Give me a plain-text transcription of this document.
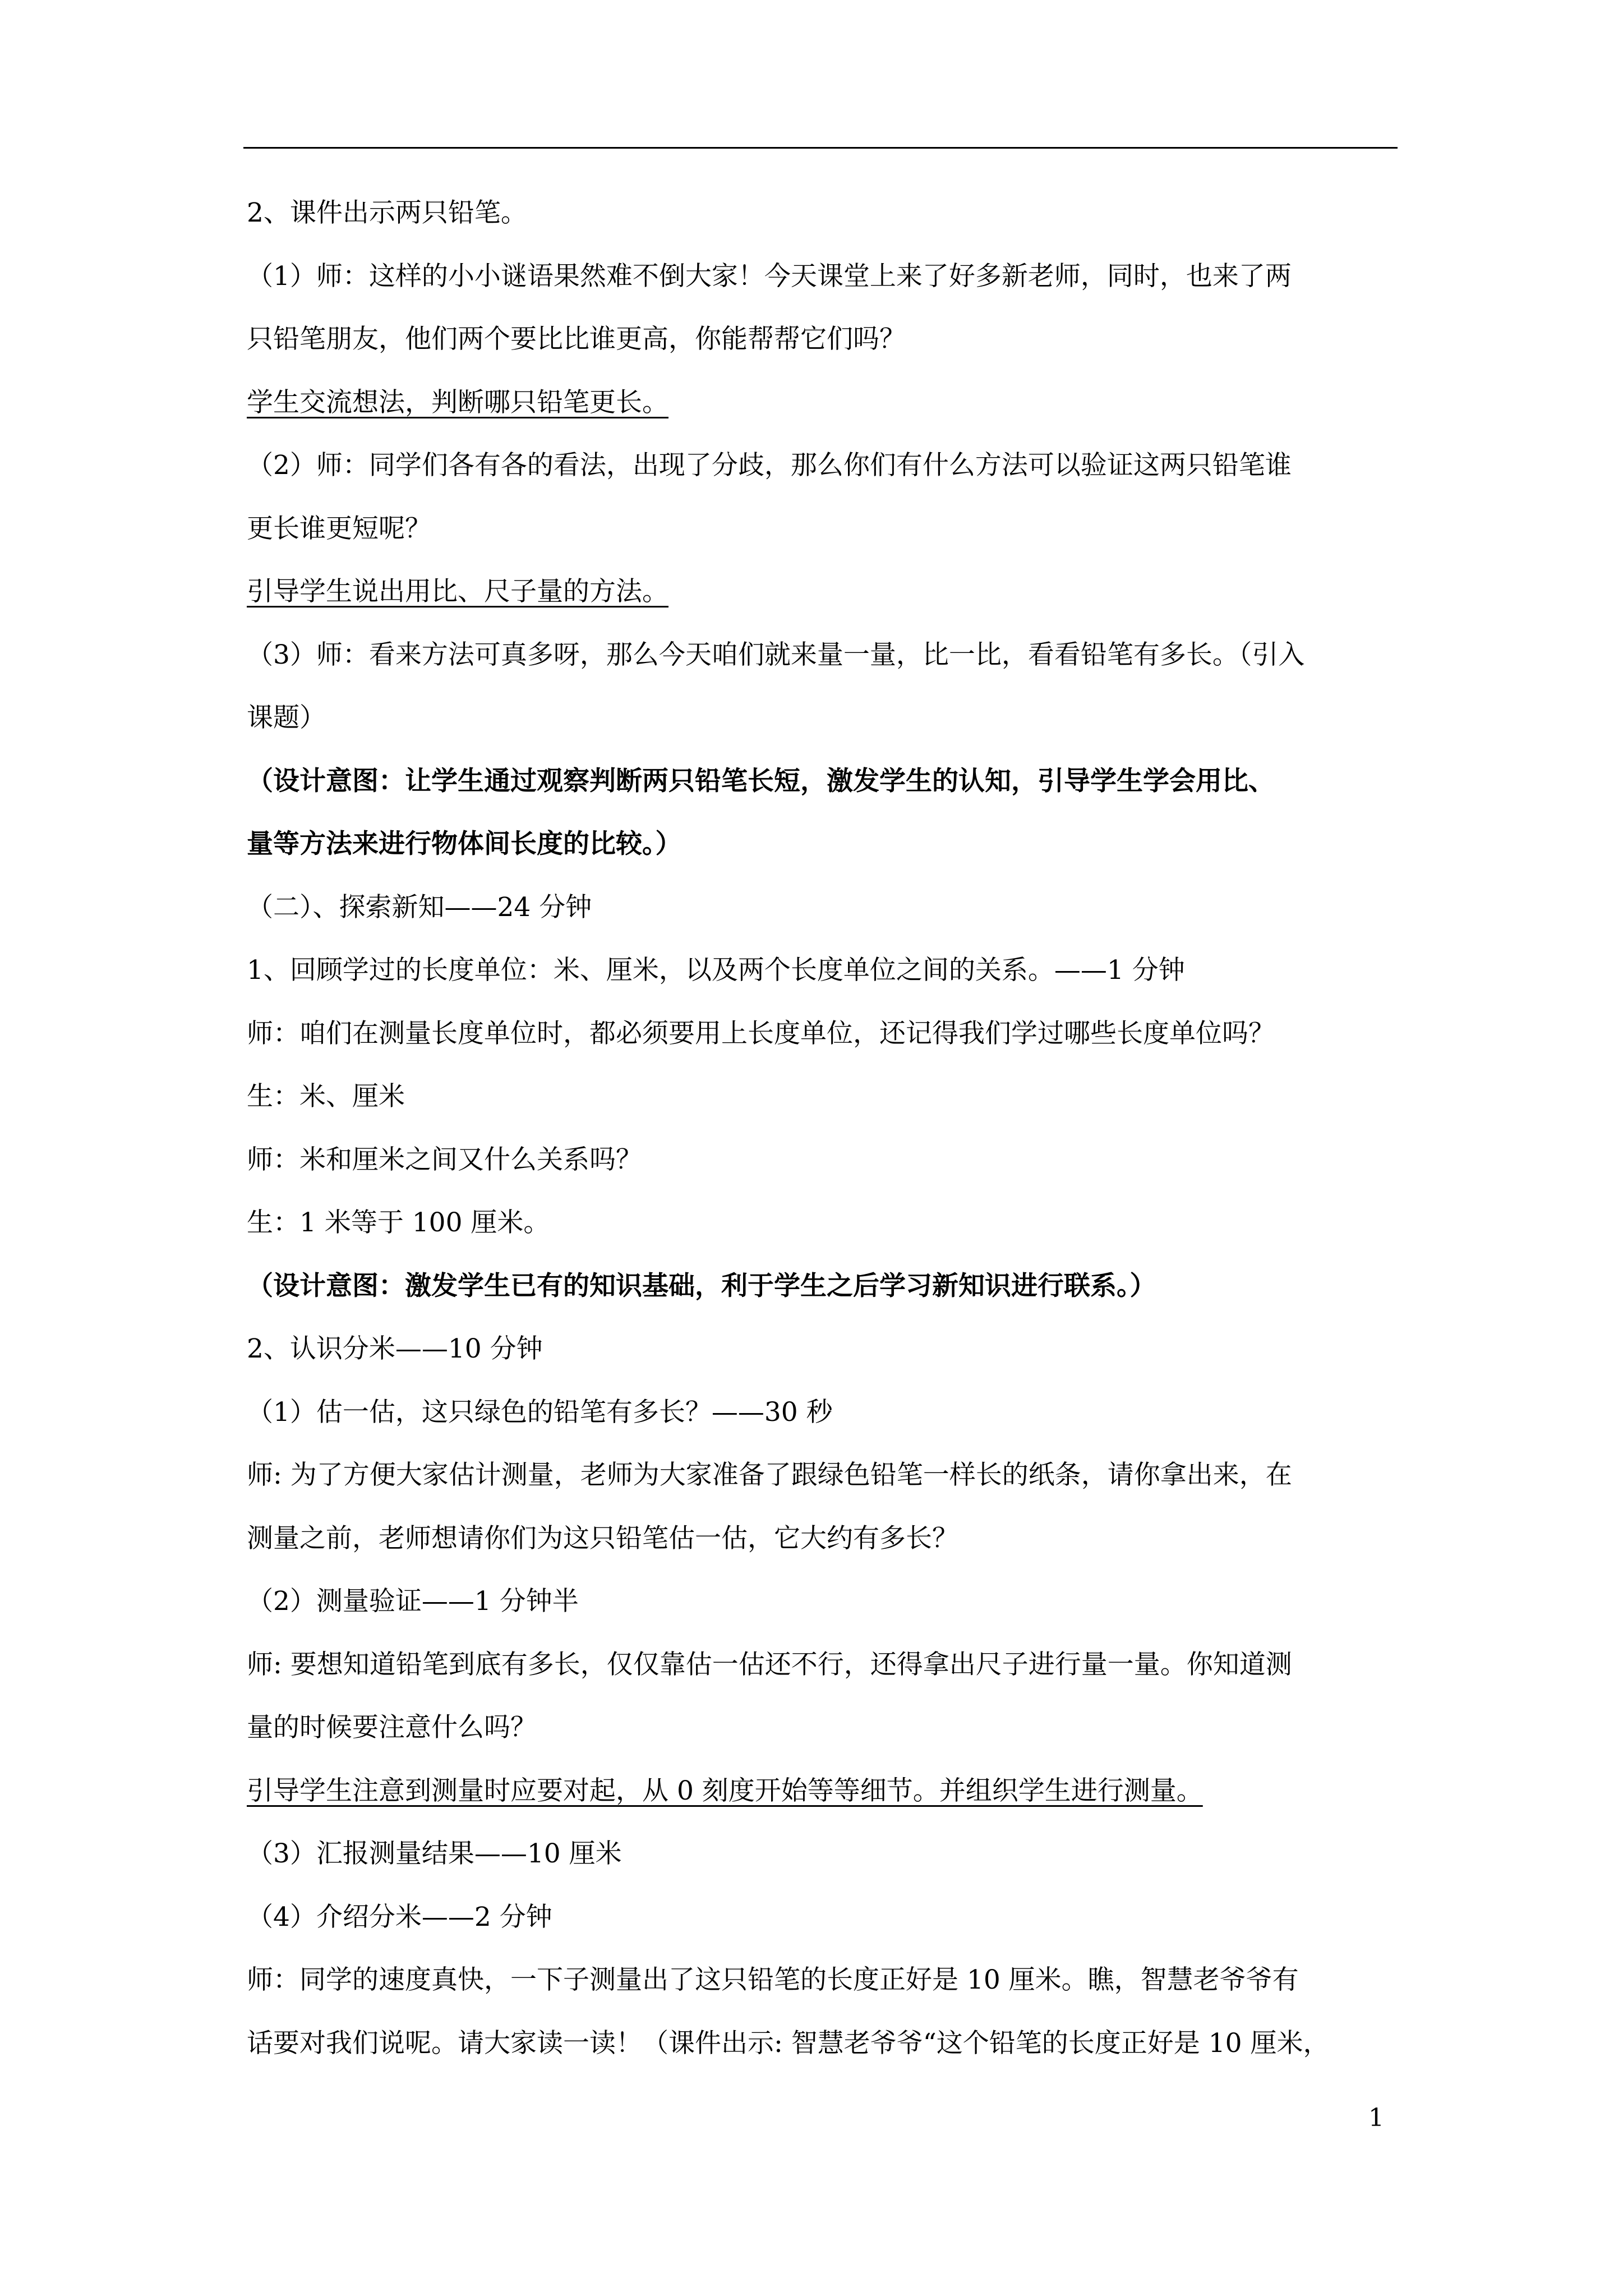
2、课件出示两只铅笔。
（1）师：这样的小小谜语果然难不倒大家！今天课堂上来了好多新老师，同时，也来了两
只铅笔朋友，他们两个要比比谁更高，你能帮帮它们吗？
学生交流想法，判断哪只铅笔更长。
（2）师：同学们各有各的看法，出现了分歧，那么你们有什么方法可以验证这两只铅笔谁
更长谁更短呢？
引导学生说出用比、尺子量的方法。
（3）师：看来方法可真多呀，那么今天咱们就来量一量，比一比，看看铅笔有多长。（引入
课题）
（设计意图：让学生通过观察判断两只铅笔长短，激发学生的认知，引导学生学会用比、
量等方法来进行物体间长度的比较。）
（二）、探索新知——24 分钟
1、回顾学过的长度单位：米、厘米，以及两个长度单位之间的关系。——1 分钟
师：咱们在测量长度单位时，都必须要用上长度单位，还记得我们学过哪些长度单位吗？
生：米、厘米
师：米和厘米之间又什么关系吗？
生：1 米等于 100 厘米。
（设计意图：激发学生已有的知识基础，利于学生之后学习新知识进行联系。）
2、认识分米——10 分钟
（1）估一估，这只绿色的铅笔有多长？——30 秒
师: 为了方便大家估计测量，老师为大家准备了跟绿色铅笔一样长的纸条，请你拿出来，在
测量之前，老师想请你们为这只铅笔估一估，它大约有多长？
（2）测量验证——1 分钟半
师: 要想知道铅笔到底有多长，仅仅靠估一估还不行，还得拿出尺子进行量一量。你知道测
量的时候要注意什么吗？
引导学生注意到测量时应要对起，从 0 刻度开始等等细节。并组织学生进行测量。
（3）汇报测量结果——10 厘米
（4）介绍分米——2 分钟
师：同学的速度真快，一下子测量出了这只铅笔的长度正好是 10 厘米。瞧，智慧老爷爷有
话要对我们说呢。请大家读一读！（课件出示: 智慧老爷爷“这个铅笔的长度正好是 10 厘米，
1
